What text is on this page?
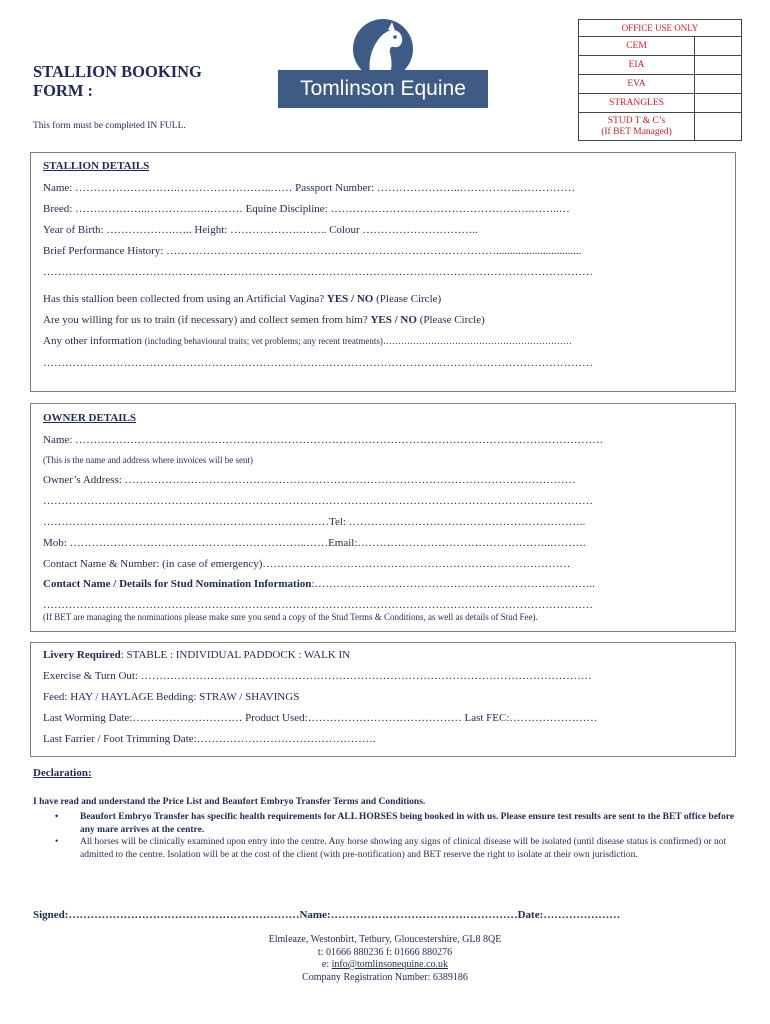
STALLION BOOKING
FORM :
This form must be completed IN FULL.
Tomlinson Equine
OFFICE USE ONLY	
CEM	
EIA	
EVA	
STRANGLES	
STUD T & C’s
(If BET Managed)	
STALLION DETAILS
Name: ……………………….……………………..…… Passport Number: …………………..……………..……………
Breed: ………………..………….…..……… Equine Discipline: ……………………………………………….……..…
Year of Birth: ……………….….. Height: ……………….…….. Colour …………………………..
Brief Performance History: ………………………………………………………………………………...............................
……………………………………………………………………………………………………………………………………
Has this stallion been collected from using an Artificial Vagina? YES / NO (Please Circle)
Are you willing for us to train (if necessary) and collect semen from him? YES / NO (Please Circle)
Any other information (including behavioural traits; vet problems; any recent treatments)………………………………………………………
……………………………………………………………………………………………………………………………………
OWNER DETAILS
Name: ………………………………………………………………………………………………………………………………
(This is the name and address where invoices will be sent)
Owner’s Address: ……………………………………………………………………………………………………………
……………………………………………………………………………………………………………………………………
……………………………………………………………………Tel: ………………………………………………………..
Mob: ………………………………………………………..……Email:……………………………………………..……….
Contact Name & Number: (in case of emergency)…………………………………………………………………………
Contact Name / Details for Stud Nomination Information:…………………………………………………………………..
……………………………………………………………………………………………………………………………………
(If BET are managing the nominations please make sure you send a copy of the Stud Terms & Conditions, as well as details of Stud Fee).
Livery Required: STABLE : INDIVIDUAL PADDOCK : WALK IN
Exercise & Turn Out: ……………………………………………………………………………………………………………
Feed: HAY / HAYLAGE Bedding: STRAW / SHAVINGS
Last Worming Date:………………………… Product Used:…………………………………… Last FEC:……………………
Last Farrier / Foot Trimming Date:………………………………………….
Declaration:
I have read and understand the Price List and Beaufort Embryo Transfer Terms and Conditions.
• Beaufort Embryo Transfer has specific health requirements for ALL HORSES being booked in with us. Please ensure test results are sent to the BET office before any mare arrives at the centre.
• All horses will be clinically examined upon entry into the centre. Any horse showing any signs of clinical disease will be isolated (until disease status is confirmed) or not admitted to the centre. Isolation will be at the cost of the client (with pre-notification) and BET reserve the right to isolate at their own jurisdiction.
Signed:………………………………………………………Name:……………………………………………Date:…………………
Elmleaze, Westonbirt, Tetbury, Gloucestershire, GL8 8QE
t: 01666 880236 f: 01666 880276
e: info@tomlinsonequine.co.uk
Company Registration Number: 6389186
